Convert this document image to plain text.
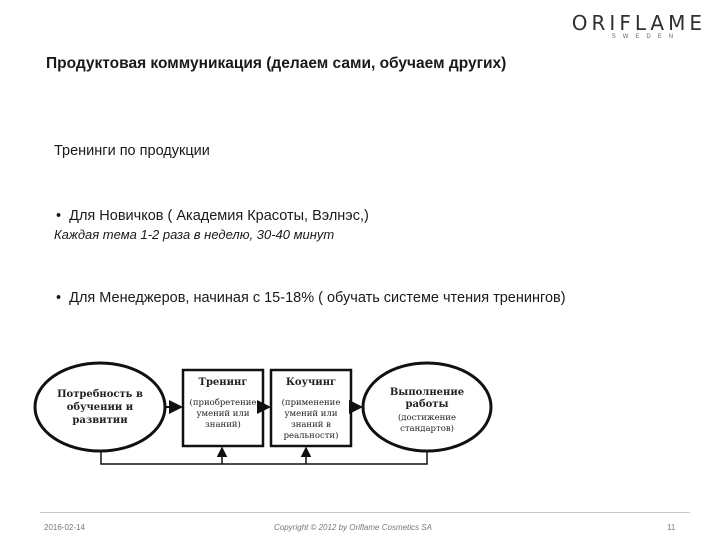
ORIFLAME
SWEDEN
Продуктовая коммуникация (делаем сами, обучаем других)
Тренинги по продукции
• Для Новичков ( Академия Красоты, Вэлнэс,)
Каждая тема 1-2 раза в неделю, 30-40 минут
• Для Менеджеров, начиная с 15-18% ( обучать системе чтения тренингов)
Потребность в
обучении и
развитии
Тренинг
(приобретение
умений или
знаний)
Коучинг
(применение
умений или
знаний в
реальности)
Выполнение
работы
(достижение
стандартов)
2016-02-14	Copyright © 2012 by Oriflame Cosmetics SA	11
